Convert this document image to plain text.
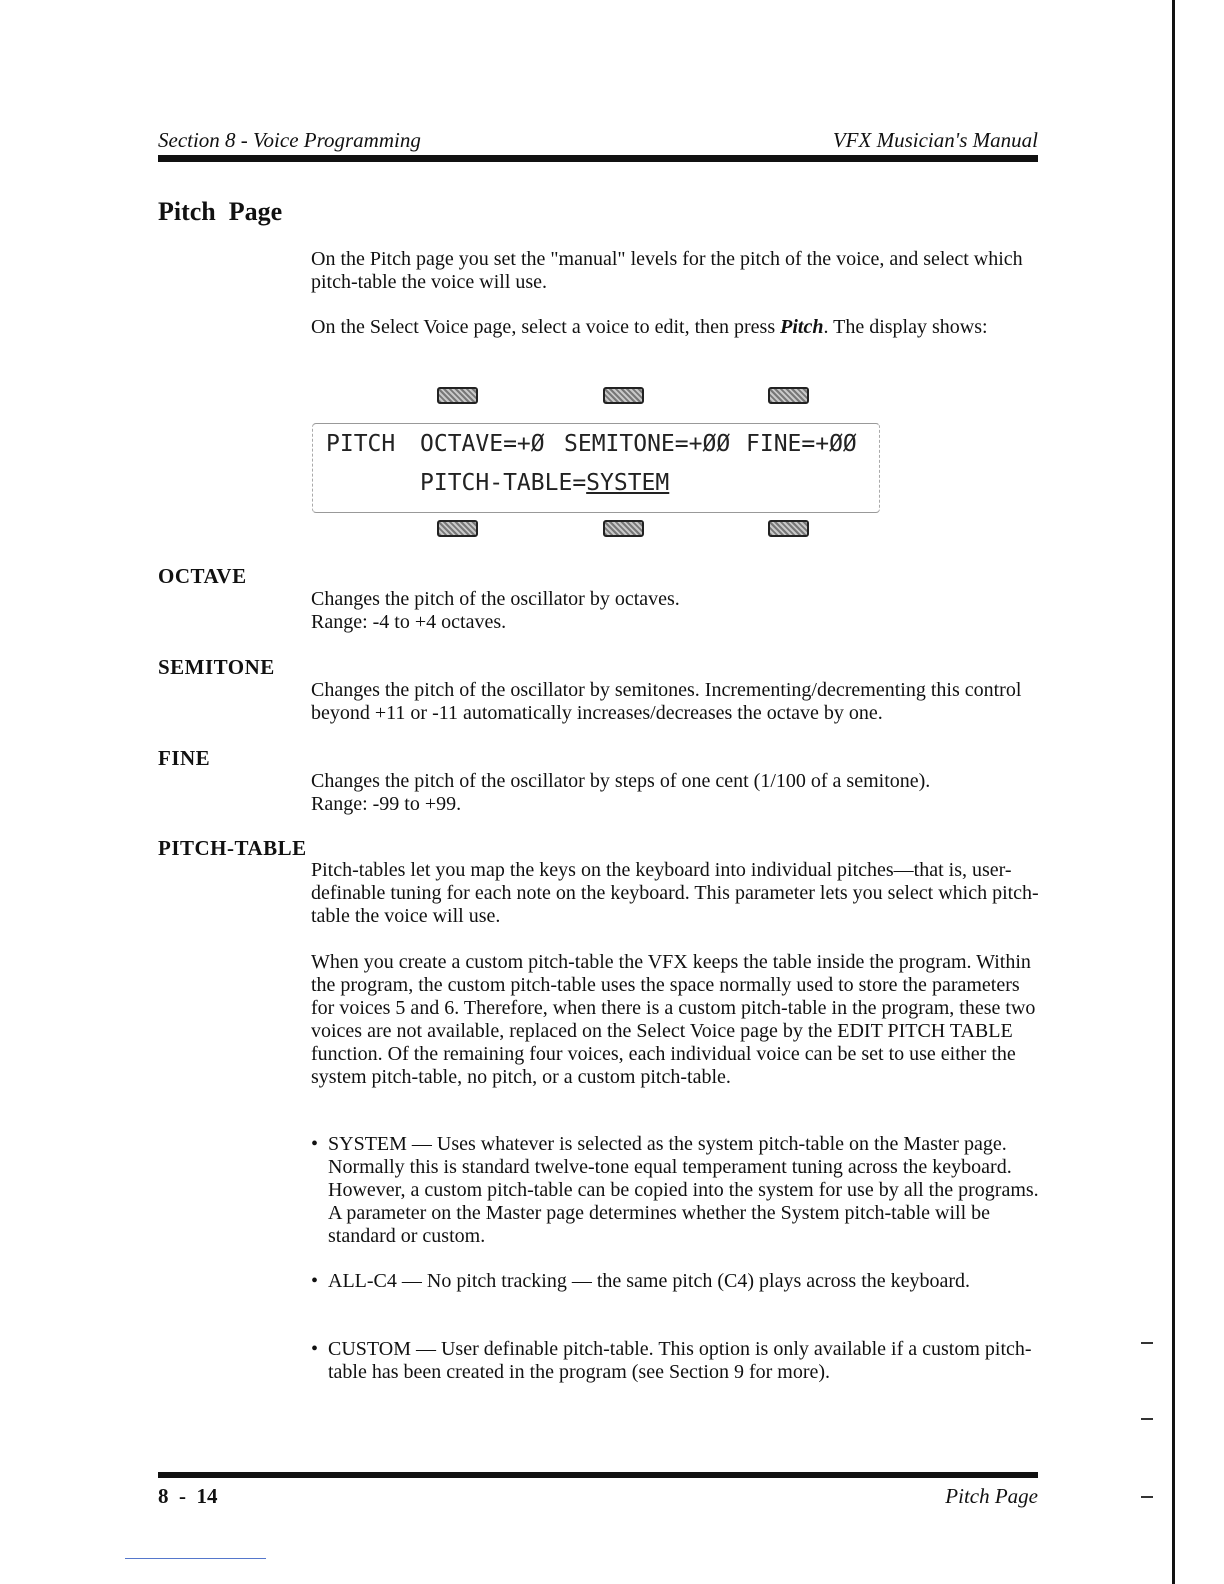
Section 8 - Voice Programming	VFX Musician's Manual
Pitch  Page

On the Pitch page you set the "manual" levels for the pitch of the voice, and select which pitch-table the voice will use.

On the Select Voice page, select a voice to edit, then press Pitch. The display shows:

PITCH OCTAVE=+Ø SEMITONE=+ØØ FINE=+ØØ
PITCH-TABLE=SYSTEM
OCTAVE

Changes the pitch of the oscillator by octaves.

Range: -4 to +4 octaves.

SEMITONE

Changes the pitch of the oscillator by semitones. Incrementing/decrementing this control beyond +11 or -11 automatically increases/decreases the octave by one.

FINE

Changes the pitch of the oscillator by steps of one cent (1/100 of a semitone).

Range: -99 to +99.

PITCH-TABLE

Pitch-tables let you map the keys on the keyboard into individual pitches—that is, user-definable tuning for each note on the keyboard. This parameter lets you select which pitch-table the voice will use.

When you create a custom pitch-table the VFX keeps the table inside the program. Within the program, the custom pitch-table uses the space normally used to store the parameters for voices 5 and 6. Therefore, when there is a custom pitch-table in the program, these two voices are not available, replaced on the Select Voice page by the EDIT PITCH TABLE function. Of the remaining four voices, each individual voice can be set to use either the system pitch-table, no pitch, or a custom pitch-table.

• SYSTEM — Uses whatever is selected as the system pitch-table on the Master page. Normally this is standard twelve-tone equal temperament tuning across the keyboard. However, a custom pitch-table can be copied into the system for use by all the programs. A parameter on the Master page determines whether the System pitch-table will be standard or custom.
• ALL-C4 — No pitch tracking — the same pitch (C4) plays across the keyboard.
• CUSTOM — User definable pitch-table. This option is only available if a custom pitch-table has been created in the program (see Section 9 for more).
8  -  14	Pitch Page
